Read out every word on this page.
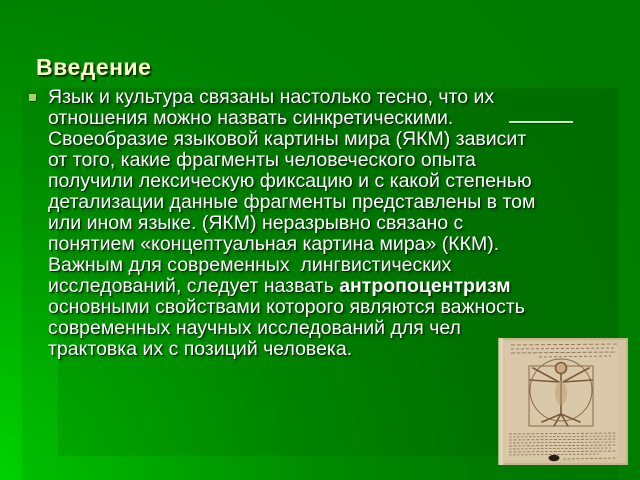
Введение
Язык и культура связаны настолько тесно, что их
отношения можно назвать синкретическими.
Своеобразие языковой картины мира (ЯКМ) зависит
от того, какие фрагменты человеческого опыта
получили лексическую фиксацию и с какой степенью
детализации данные фрагменты представлены в том
или ином языке. (ЯКМ) неразрывно связано с
понятием «концептуальная картина мира» (ККМ).
Важным для современных  лингвистических
исследований, следует назвать антропоцентризм
основными свойствами которого являются важность
современных научных исследований для чел
трактовка их с позиций человека.
